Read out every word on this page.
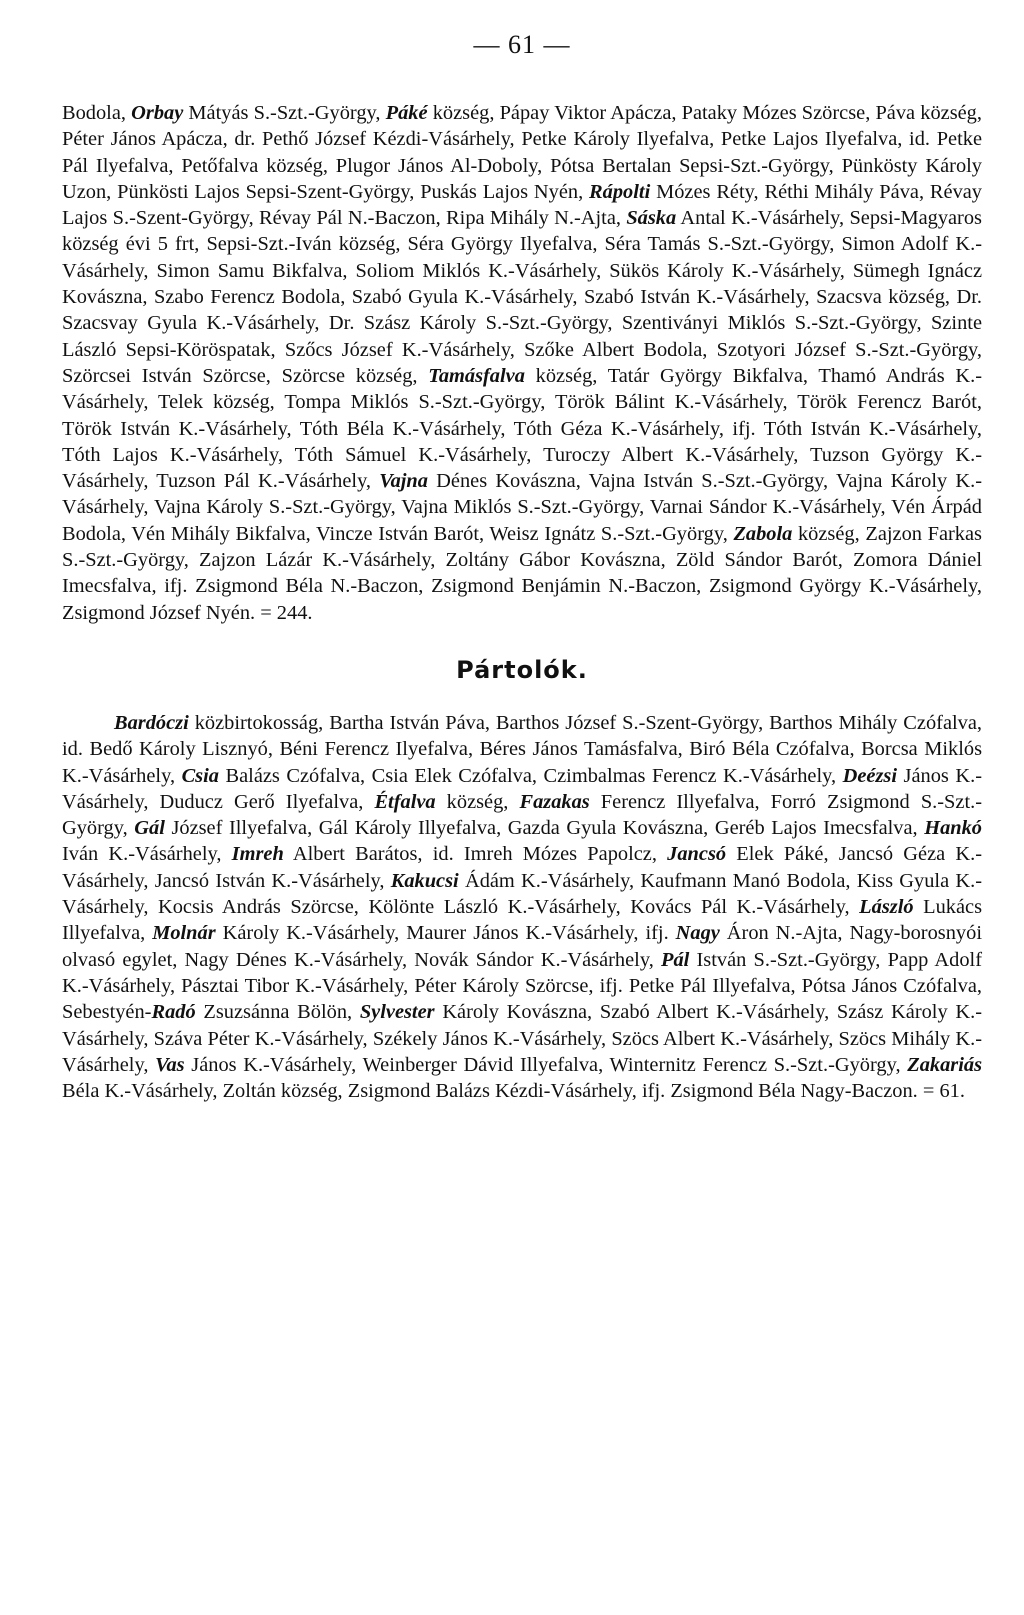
— 61 —

Bodola, Orbay Mátyás S.-Szt.-György, Páké község, Pápay Viktor Apácza, Pataky Mózes Szörcse, Páva község, Péter János Apácza, dr. Pethő József Kézdi-Vásárhely, Petke Károly Ilyefalva, Petke Lajos Ilyefalva, id. Petke Pál Ilyefalva, Petőfalva község, Plugor János Al-Doboly, Pótsa Bertalan Sepsi-Szt.-György, Pünkösty Károly Uzon, Pünkösti Lajos Sepsi-Szent-György, Puskás Lajos Nyén, Rápolti Mózes Réty, Réthi Mihály Páva, Révay Lajos S.-Szent-György, Révay Pál N.-Baczon, Ripa Mihály N.-Ajta, Sáska Antal K.-Vásárhely, Sepsi-Magyaros község évi 5 frt, Sepsi-Szt.-Iván község, Séra György Ilyefalva, Séra Tamás S.-Szt.-György, Simon Adolf K.-Vásárhely, Simon Samu Bikfalva, Soliom Miklós K.-Vásárhely, Sükös Károly K.-Vásárhely, Sümegh Ignácz Kovászna, Szabo Ferencz Bodola, Szabó Gyula K.-Vásárhely, Szabó István K.-Vásárhely, Szacsva község, Dr. Szacsvay Gyula K.-Vásárhely, Dr. Szász Károly S.-Szt.-György, Szentiványi Miklós S.-Szt.-György, Szinte László Sepsi-Köröspatak, Szőcs József K.-Vásárhely, Szőke Albert Bodola, Szotyori József S.-Szt.-György, Szörcsei István Szörcse, Szörcse község, Tamásfalva község, Tatár György Bikfalva, Thamó András K.-Vásárhely, Telek község, Tompa Miklós S.-Szt.-György, Török Bálint K.-Vásárhely, Török Ferencz Barót, Török István K.-Vásárhely, Tóth Béla K.-Vásárhely, Tóth Géza K.-Vásárhely, ifj. Tóth István K.-Vásárhely, Tóth Lajos K.-Vásárhely, Tóth Sámuel K.-Vásárhely, Turoczy Albert K.-Vásárhely, Tuzson György K.-Vásárhely, Tuzson Pál K.-Vásárhely, Vajna Dénes Kovászna, Vajna István S.-Szt.-György, Vajna Károly K.-Vásárhely, Vajna Károly S.-Szt.-György, Vajna Miklós S.-Szt.-György, Varnai Sándor K.-Vásárhely, Vén Árpád Bodola, Vén Mihály Bikfalva, Vincze István Barót, Weisz Ignátz S.-Szt.-György, Zabola község, Zajzon Farkas S.-Szt.-György, Zajzon Lázár K.-Vásárhely, Zoltány Gábor Kovászna, Zöld Sándor Barót, Zomora Dániel Imecsfalva, ifj. Zsigmond Béla N.-Baczon, Zsigmond Benjámin N.-Baczon, Zsigmond György K.-Vásárhely, Zsigmond József Nyén. = 244.

Pártolók.

Bardóczi közbirtokosság, Bartha István Páva, Barthos József S.-Szent-György, Barthos Mihály Czófalva, id. Bedő Károly Lisznyó, Béni Ferencz Ilyefalva, Béres János Tamásfalva, Biró Béla Czófalva, Borcsa Miklós K.-Vásárhely, Csia Balázs Czófalva, Csia Elek Czófalva, Czimbalmas Ferencz K.-Vásárhely, Deézsi János K.-Vásárhely, Duducz Gerő Ilyefalva, Étfalva község, Fazakas Ferencz Illyefalva, Forró Zsigmond S.-Szt.-György, Gál József Illyefalva, Gál Károly Illyefalva, Gazda Gyula Kovászna, Geréb Lajos Imecsfalva, Hankó Iván K.-Vásárhely, Imreh Albert Barátos, id. Imreh Mózes Papolcz, Jancsó Elek Páké, Jancsó Géza K.-Vásárhely, Jancsó István K.-Vásárhely, Kakucsi Ádám K.-Vásárhely, Kaufmann Manó Bodola, Kiss Gyula K.-Vásárhely, Kocsis András Szörcse, Kölönte László K.-Vásárhely, Kovács Pál K.-Vásárhely, László Lukács Illyefalva, Molnár Károly K.-Vásárhely, Maurer János K.-Vásárhely, ifj. Nagy Áron N.-Ajta, Nagy-borosnyói olvasó egylet, Nagy Dénes K.-Vásárhely, Novák Sándor K.-Vásárhely, Pál István S.-Szt.-György, Papp Adolf K.-Vásárhely, Pásztai Tibor K.-Vásárhely, Péter Károly Szörcse, ifj. Petke Pál Illyefalva, Pótsa János Czófalva, Sebestyén-Radó Zsuzsánna Bölön, Sylvester Károly Kovászna, Szabó Albert K.-Vásárhely, Szász Károly K.-Vásárhely, Száva Péter K.-Vásárhely, Székely János K.-Vásárhely, Szöcs Albert K.-Vásárhely, Szöcs Mihály K.-Vásárhely, Vas János K.-Vásárhely, Weinberger Dávid Illyefalva, Winternitz Ferencz S.-Szt.-György, Zakariás Béla K.-Vásárhely, Zoltán község, Zsigmond Balázs Kézdi-Vásárhely, ifj. Zsigmond Béla Nagy-Baczon. = 61.
